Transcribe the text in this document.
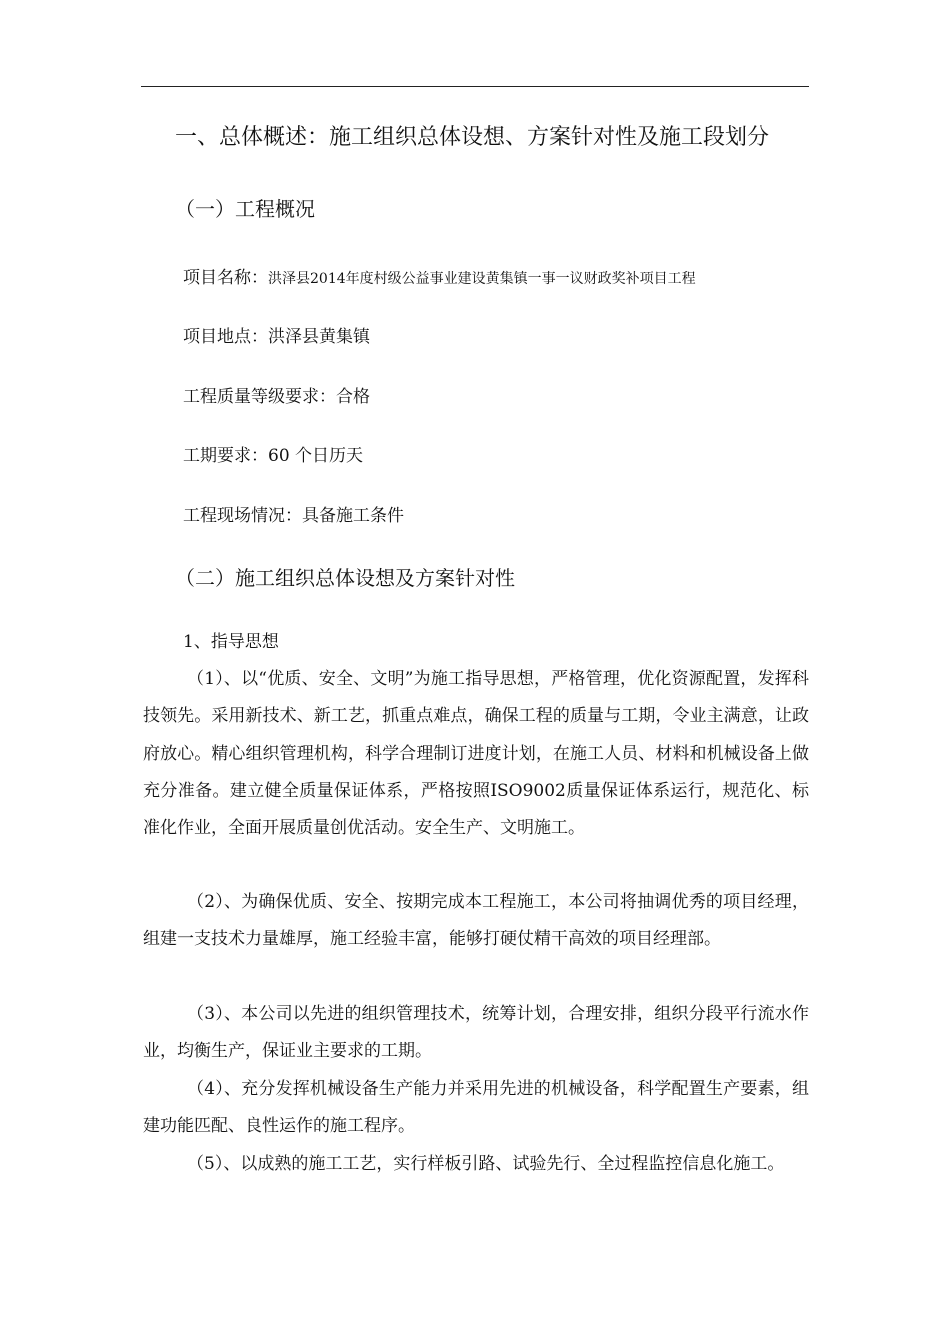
一、总体概述：施工组织总体设想、方案针对性及施工段划分
（一）工程概况
项目名称：洪泽县2014年度村级公益事业建设黄集镇一事一议财政奖补项目工程
项目地点：洪泽县黄集镇
工程质量等级要求：合格
工期要求：60 个日历天
工程现场情况：具备施工条件
（二）施工组织总体设想及方案针对性
1、指导思想

（1）、以“优质、安全、文明”为施工指导思想，严格管理，优化资源配置，发挥科技领先。采用新技术、新工艺，抓重点难点，确保工程的质量与工期，令业主满意，让政府放心。精心组织管理机构，科学合理制订进度计划，在施工人员、材料和机械设备上做充分准备。建立健全质量保证体系，严格按照ISO9002质量保证体系运行，规范化、标准化作业，全面开展质量创优活动。安全生产、文明施工。

（2）、为确保优质、安全、按期完成本工程施工，本公司将抽调优秀的项目经理，组建一支技术力量雄厚，施工经验丰富，能够打硬仗精干高效的项目经理部。

（3）、本公司以先进的组织管理技术，统筹计划，合理安排，组织分段平行流水作业，均衡生产，保证业主要求的工期。

（4）、充分发挥机械设备生产能力并采用先进的机械设备，科学配置生产要素，组建功能匹配、良性运作的施工程序。

（5）、以成熟的施工工艺，实行样板引路、试验先行、全过程监控信息化施工。
